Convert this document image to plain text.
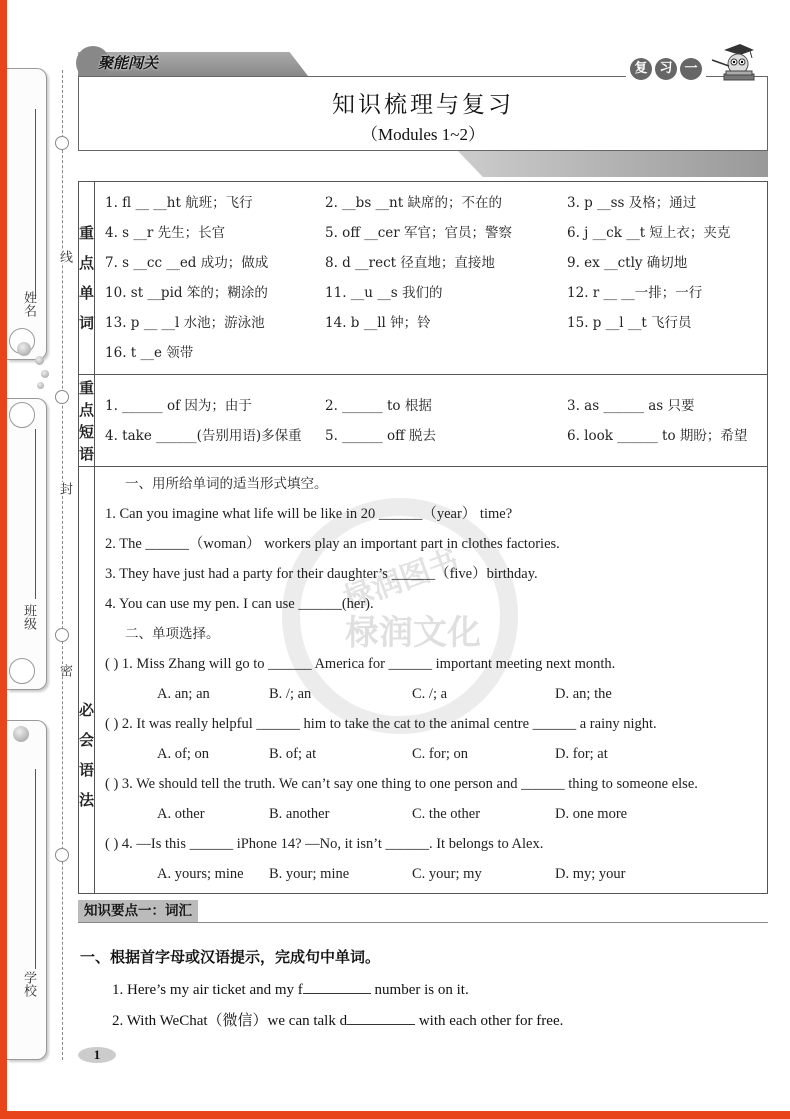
姓名
班级
学校
线
封
密
聚能闯关	复 习 一
知识梳理与复习
（Modules 1~2）
椂润图书
椂润文化
重
点
单
词

1. fl __ __ht 航班；飞行	2. __bs __nt 缺席的；不在的	3. p __ss 及格；通过
4. s __r 先生；长官	5. off __cer 军官；官员；警察	6. j __ck __t 短上衣；夹克
7. s __cc __ed 成功；做成	8. d __rect 径直地；直接地	9. ex __ctly 确切地
10. st __pid 笨的；糊涂的	11. __u __s 我们的	12. r __ __一排；一行
13. p __ __l 水池；游泳池	14. b __ll 钟；铃	15. p __l __t 飞行员
16. t __e 领带

重
点
短
语

1. ______ of 因为；由于	2. ______ to 根据	3. as ______ as 只要
4. take ______(告别用语)多保重	5. ______ off 脱去	6. look ______ to 期盼；希望

必
会
语
法

一、用所给单词的适当形式填空。
1. Can you imagine what life will be like in 20 ______（year） time?
2. The ______（woman） workers play an important part in clothes factories.
3. They have just had a party for their daughter’s ______（five）birthday.
4. You can use my pen. I can use ______(her).
二、单项选择。
( ) 1. Miss Zhang will go to ______ America for ______ important meeting next month.
A. an; an	B. /; an	C. /; a	D. an; the
( ) 2. It was really helpful ______ him to take the cat to the animal centre ______ a rainy night.
A. of; on	B. of; at	C. for; on	D. for; at
( ) 3. We should tell the truth. We can’t say one thing to one person and ______ thing to someone else.
A. other	B. another	C. the other	D. one more
( ) 4. —Is this ______ iPhone 14? —No, it isn’t ______. It belongs to Alex.
A. yours; mine	B. your; mine	C. your; my	D. my; your
知识要点一：词汇
一、根据首字母或汉语提示，完成句中单词。
1. Here’s my air ticket and my f	number is on it.
2. With WeChat（微信）we can talk d	with each other for free.
1
